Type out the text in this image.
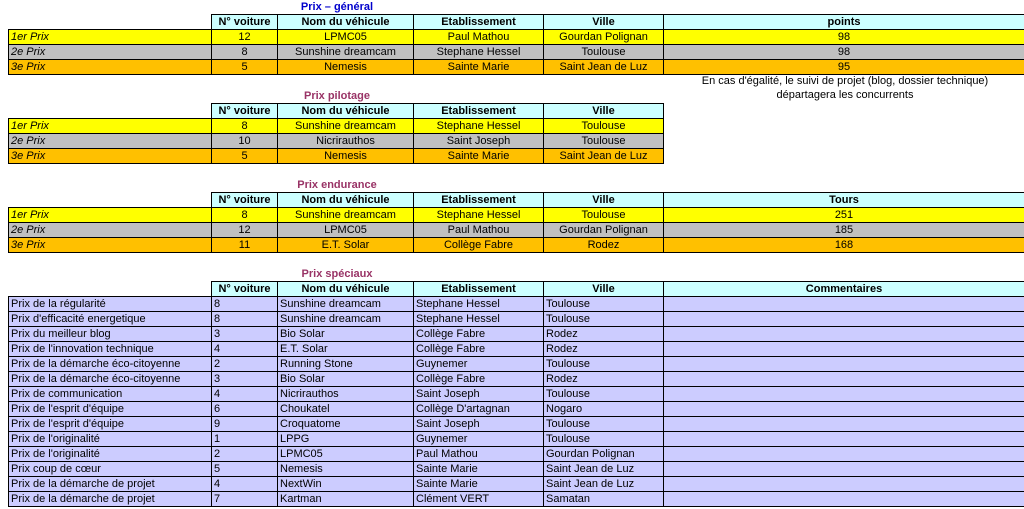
Prix – général
	N° voiture	Nom du véhicule	Etablissement	Ville	points
1er Prix	12	LPMC05	Paul Mathou	Gourdan Polignan	98
2e Prix	8	Sunshine dreamcam	Stephane Hessel	Toulouse	98
3e Prix	5	Nemesis	Sainte Marie	Saint Jean de Luz	95
En cas d'égalité, le suivi de projet (blog, dossier technique)
départagera les concurrents
Prix pilotage
	N° voiture	Nom du véhicule	Etablissement	Ville
1er Prix	8	Sunshine dreamcam	Stephane Hessel	Toulouse
2e Prix	10	Nicrirauthos	Saint Joseph	Toulouse
3e Prix	5	Nemesis	Sainte Marie	Saint Jean de Luz
Prix endurance
	N° voiture	Nom du véhicule	Etablissement	Ville	Tours
1er Prix	8	Sunshine dreamcam	Stephane Hessel	Toulouse	251
2e Prix	12	LPMC05	Paul Mathou	Gourdan Polignan	185
3e Prix	11	E.T. Solar	Collège Fabre	Rodez	168
Prix spéciaux
	N° voiture	Nom du véhicule	Etablissement	Ville	Commentaires
Prix de la régularité	8	Sunshine dreamcam	Stephane Hessel	Toulouse	
Prix d'efficacité energetique	8	Sunshine dreamcam	Stephane Hessel	Toulouse	
Prix du meilleur blog	3	Bio Solar	Collège Fabre	Rodez	
Prix de l'innovation technique	4	E.T. Solar	Collège Fabre	Rodez	
Prix de la démarche éco-citoyenne	2	Running Stone	Guynemer	Toulouse	
Prix de la démarche éco-citoyenne	3	Bio Solar	Collège Fabre	Rodez	
Prix de communication	4	Nicrirauthos	Saint Joseph	Toulouse	
Prix de l'esprit d'équipe	6	Choukatel	Collège D'artagnan	Nogaro	
Prix de l'esprit d'équipe	9	Croquatome	Saint Joseph	Toulouse	
Prix de l'originalité	1	LPPG	Guynemer	Toulouse	
Prix de l'originalité	2	LPMC05	Paul Mathou	Gourdan Polignan	
Prix coup de cœur	5	Nemesis	Sainte Marie	Saint Jean de Luz	
Prix de la démarche de projet	4	NextWin	Sainte Marie	Saint Jean de Luz	
Prix de la démarche de projet	7	Kartman	Clément VERT	Samatan	
